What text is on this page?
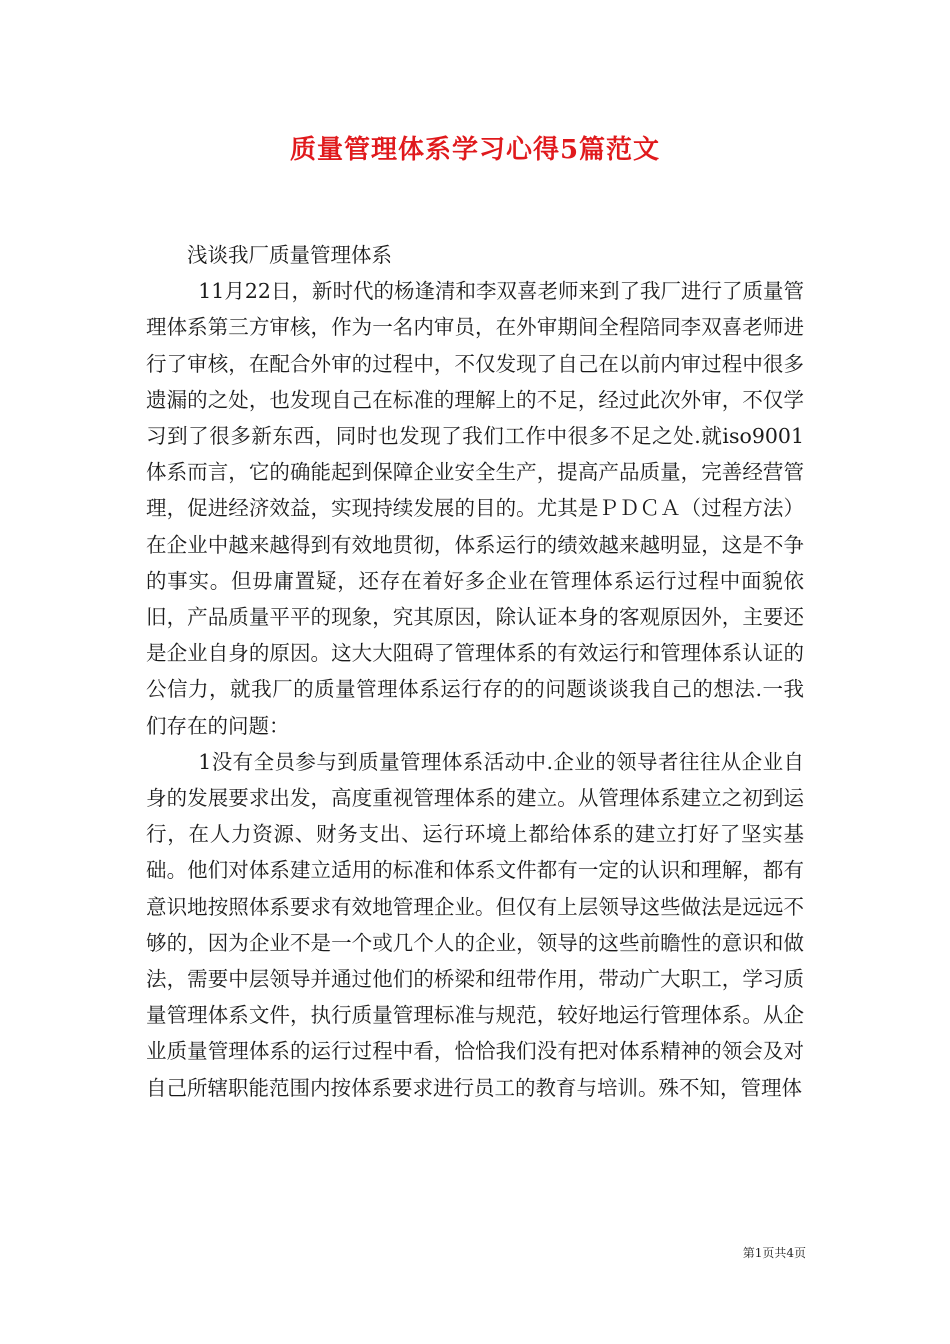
质量管理体系学习心得5篇范文

浅谈我厂质量管理体系

11月22日，新时代的杨逢清和李双喜老师来到了我厂进行了质量管理体系第三方审核，作为一名内审员，在外审期间全程陪同李双喜老师进行了审核，在配合外审的过程中，不仅发现了自己在以前内审过程中很多遗漏的之处，也发现自己在标准的理解上的不足，经过此次外审，不仅学习到了很多新东西，同时也发现了我们工作中很多不足之处.就iso9001体系而言，它的确能起到保障企业安全生产，提高产品质量，完善经营管理，促进经济效益，实现持续发展的目的。尤其是ＰＤＣＡ（过程方法）在企业中越来越得到有效地贯彻，体系运行的绩效越来越明显，这是不争的事实。但毋庸置疑，还存在着好多企业在管理体系运行过程中面貌依旧，产品质量平平的现象，究其原因，除认证本身的客观原因外，主要还是企业自身的原因。这大大阻碍了管理体系的有效运行和管理体系认证的公信力，就我厂的质量管理体系运行存的的问题谈谈我自己的想法.一我们存在的问题：

1没有全员参与到质量管理体系活动中.企业的领导者往往从企业自身的发展要求出发，高度重视管理体系的建立。从管理体系建立之初到运行，在人力资源、财务支出、运行环境上都给体系的建立打好了坚实基础。他们对体系建立适用的标准和体系文件都有一定的认识和理解，都有意识地按照体系要求有效地管理企业。但仅有上层领导这些做法是远远不够的，因为企业不是一个或几个人的企业，领导的这些前瞻性的意识和做法，需要中层领导并通过他们的桥梁和纽带作用，带动广大职工，学习质量管理体系文件，执行质量管理标准与规范，较好地运行管理体系。从企业质量管理体系的运行过程中看，恰恰我们没有把对体系精神的领会及对自己所辖职能范围内按体系要求进行员工的教育与培训。殊不知，管理体

第1页共4页
